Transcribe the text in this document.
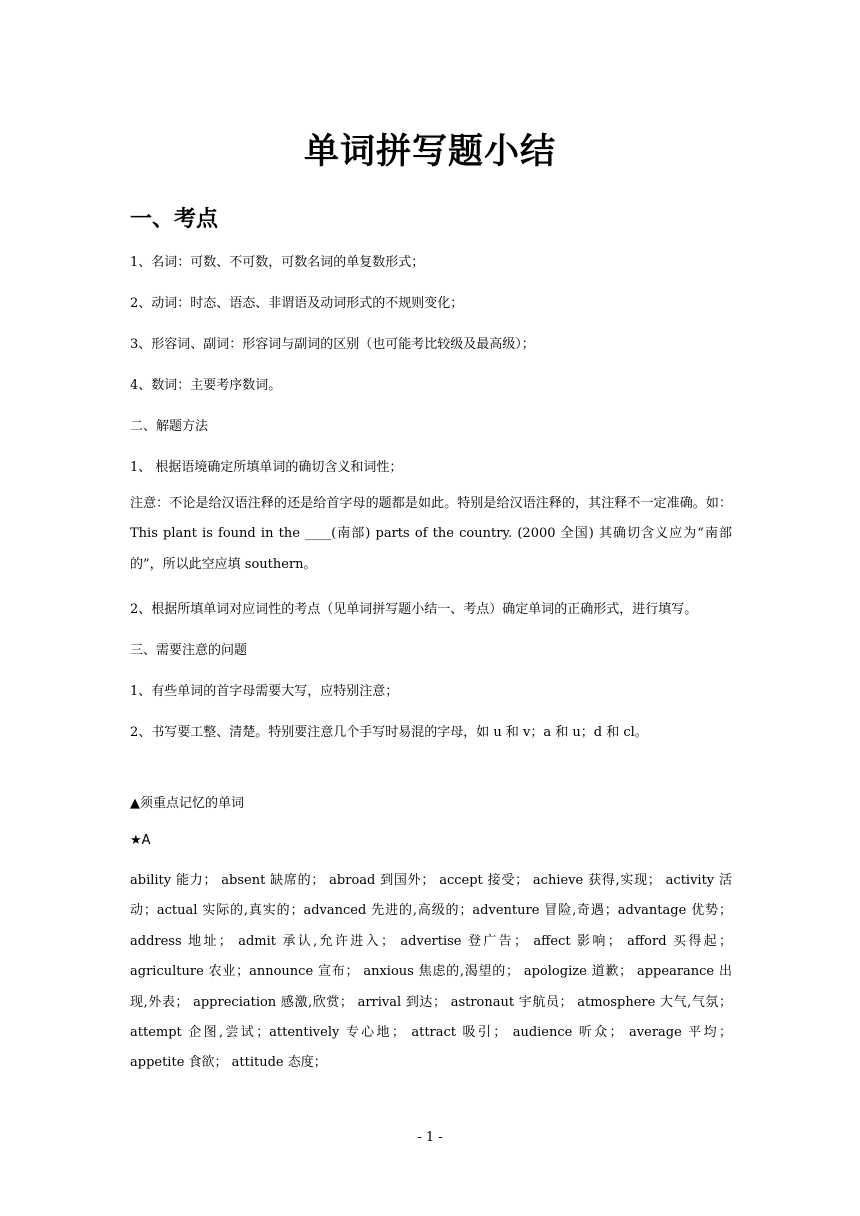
单词拼写题小结
一、考点
1、名词：可数、不可数，可数名词的单复数形式；
2、动词：时态、语态、非谓语及动词形式的不规则变化；
3、形容词、副词：形容词与副词的区别（也可能考比较级及最高级）；
4、数词：主要考序数词。
二、解题方法
1、 根据语境确定所填单词的确切含义和词性；
注意：不论是给汉语注释的还是给首字母的题都是如此。特别是给汉语注释的，其注释不一定准确。如：This plant is found in the ____(南部) parts of the country. (2000 全国) 其确切含义应为“南部的”，所以此空应填 southern。
2、根据所填单词对应词性的考点（见单词拼写题小结一、考点）确定单词的正确形式，进行填写。
三、需要注意的问题
1、有些单词的首字母需要大写，应特别注意；
2、书写要工整、清楚。特别要注意几个手写时易混的字母，如 u 和 v；a 和 u；d 和 cl。
▲须重点记忆的单词
★A
ability 能力； absent 缺席的； abroad 到国外； accept 接受； achieve 获得,实现； activity 活动；actual 实际的,真实的；advanced 先进的,高级的；adventure 冒险,奇遇；advantage 优势；address 地址； admit 承认,允许进入； advertise 登广告； affect 影响； afford 买得起； agriculture 农业；announce 宣布； anxious 焦虑的,渴望的； apologize 道歉； appearance 出现,外表； appreciation 感激,欣赏； arrival 到达； astronaut 宇航员； atmosphere 大气,气氛； attempt 企图,尝试；attentively 专心地； attract 吸引； audience 听众； average 平均； appetite 食欲； attitude 态度；
- 1 -
